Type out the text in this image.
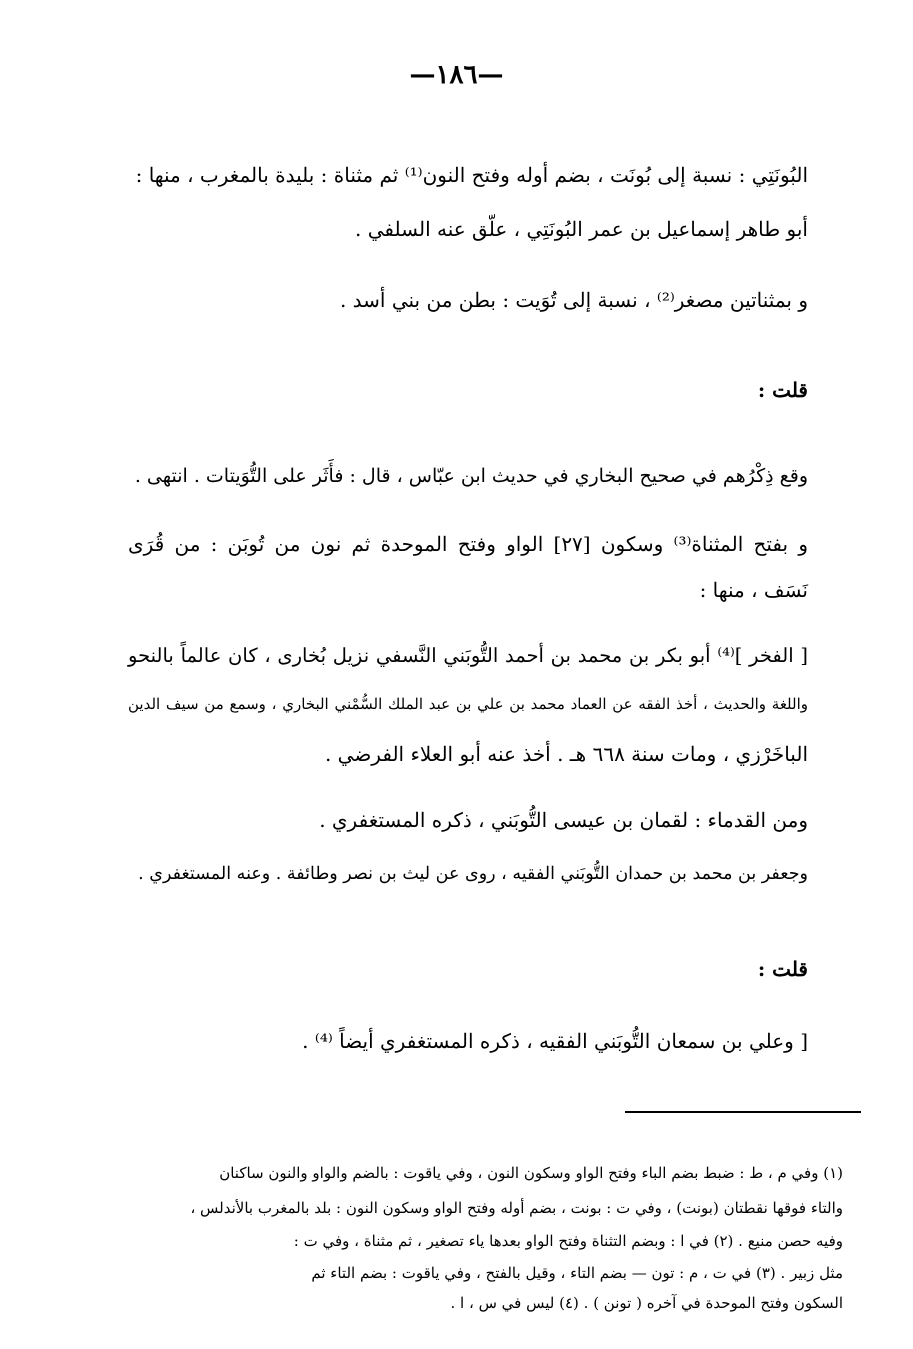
—١٨٦—
البُونَتِي : نسبة إلى بُونَت ، بضم أوله وفتح النون⁽¹⁾ ثم مثناة : بليدة بالمغرب ، منها :
أبو طاهر إسماعيل بن عمر البُونَتِي ، علّق عنه السلفي .
و بمثناتين مصغر⁽²⁾ ، نسبة إلى تُوَيت : بطن من بني أسد .
قلت :
وقع ذِكْرُهم في صحيح البخاري في حديث ابن عبّاس ، قال : فأَثَر على التُّوَيتات . انتهى .
و بفتح المثناة⁽³⁾ وسكون [٢٧] الواو وفتح الموحدة ثم نون من تُوبَن : من قُرَى
نَسَف ، منها :
[ الفخر ]⁽⁴⁾ أبو بكر بن محمد بن أحمد التُّوبَني النَّسفي نزيل بُخارى ، كان عالماً بالنحو
واللغة والحديث ، أخذ الفقه عن العماد محمد بن علي بن عبد الملك السُّمْني البخاري ، وسمع من سيف الدين
الباخَرْزي ، ومات سنة ٦٦٨ هـ . أخذ عنه أبو العلاء الفرضي .
ومن القدماء : لقمان بن عيسى التُّوبَني ، ذكره المستغفري .
وجعفر بن محمد بن حمدان التُّوبَني الفقيه ، روى عن ليث بن نصر وطائفة . وعنه المستغفري .
قلت :
[ وعلي بن سمعان التُّوبَني الفقيه ، ذكره المستغفري أيضاً ⁽⁴⁾ .
(١) وفي م ، ط : ضبط بضم الباء وفتح الواو وسكون النون ، وفي ياقوت : بالضم والواو والنون ساكنان
والتاء فوقها نقطتان (بونت) ، وفي ت : بونت ، بضم أوله وفتح الواو وسكون النون : بلد بالمغرب بالأندلس ،
وفيه حصن منيع . (٢) في ا : وبضم التثناة وفتح الواو بعدها ياء تصغير ، ثم مثناة ، وفي ت :
مثل زبير . (٣) في ت ، م : تون — بضم التاء ، وقيل بالفتح ، وفي ياقوت : بضم التاء ثم
السكون وفتح الموحدة في آخره ( تونن ) . (٤) ليس في س ، ا .
